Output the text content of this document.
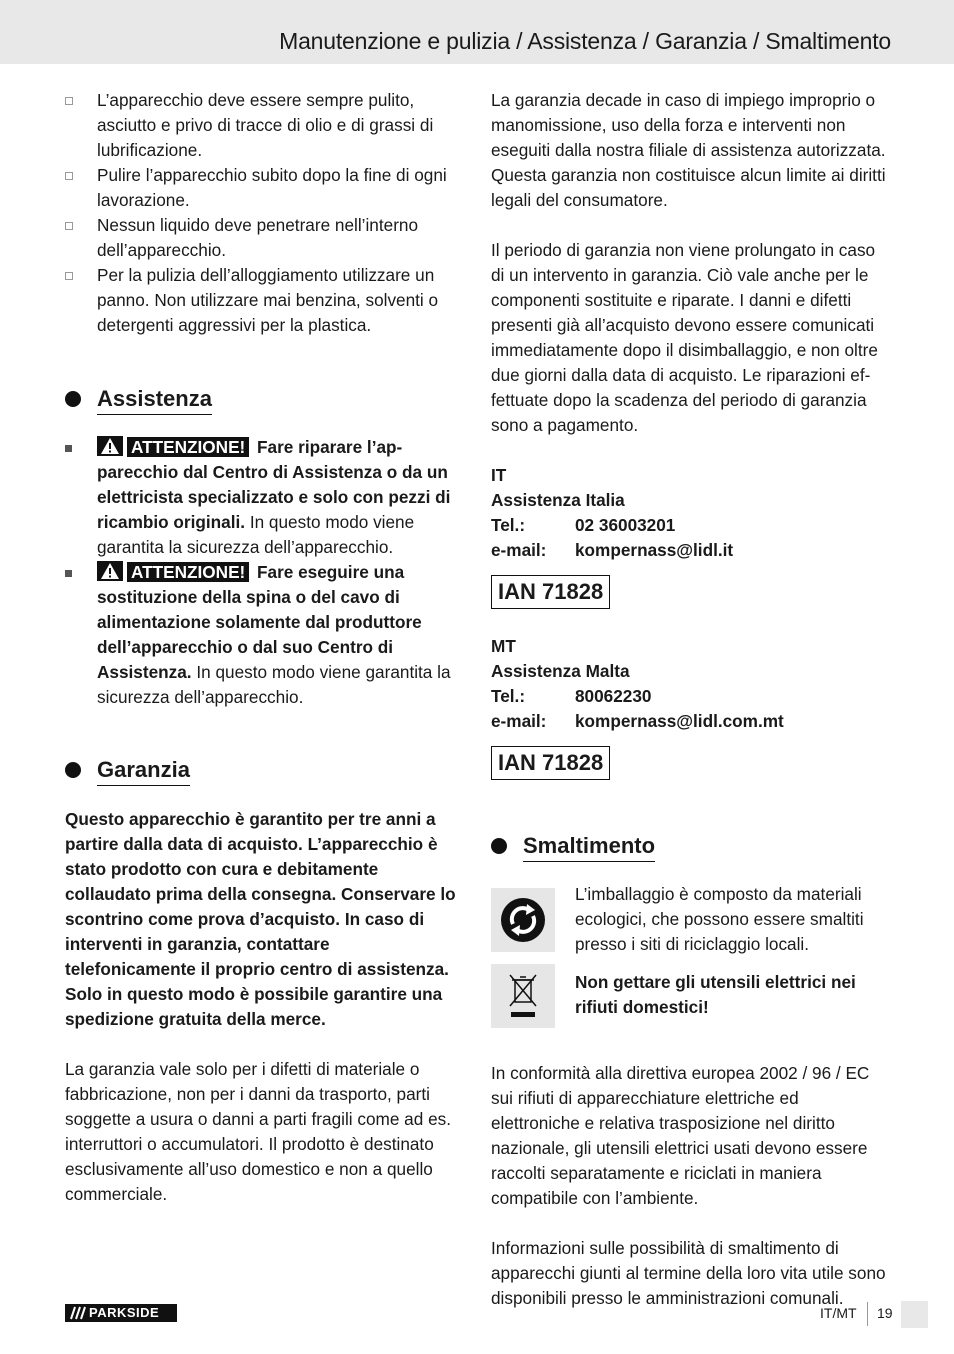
Manutenzione e pulizia / Assistenza / Garanzia / Smaltimento
L’apparecchio deve essere sempre pulito, asciutto e privo di tracce di olio e di grassi di lubrificazione.
Pulire l’apparecchio subito dopo la fine di ogni lavorazione.
Nessun liquido deve penetrare nell’interno dell’apparecchio.
Per la pulizia dell’alloggiamento utilizzare un panno. Non utilizzare mai benzina, solventi o detergenti aggressivi per la plastica.
Assistenza
ATTENZIONE! Fare riparare l’apparecchio dal Centro di Assistenza o da un elettricista specializzato e solo con pezzi di ricambio originali. In questo modo viene garantita la sicurezza dell’apparecchio.
ATTENZIONE! Fare eseguire una sostituzione della spina o del cavo di alimentazione solamente dal produttore dell’apparecchio o dal suo Centro di Assistenza. In questo modo viene garantita la sicurezza dell’apparecchio.
Garanzia

Questo apparecchio è garantito per tre anni a partire dalla data di acquisto. L’apparecchio è stato prodotto con cura e debitamente collaudato prima della consegna. Conservare lo scontrino come prova d’acquisto. In caso di interventi in garanzia, contattare telefonicamente il proprio centro di assistenza. Solo in questo modo è possibile garantire una spedizione gratuita della merce.

La garanzia vale solo per i difetti di materiale o fabbricazione, non per i danni da trasporto, parti soggette a usura o danni a parti fragili come ad es. interruttori o accumulatori. Il prodotto è destinato esclusivamente all’uso domestico e non a quello commerciale.

La garanzia decade in caso di impiego improprio o manomissione, uso della forza e interventi non eseguiti dalla nostra filiale di assistenza autorizzata. Questa garanzia non costituisce alcun limite ai diritti legali del consumatore.

Il periodo di garanzia non viene prolungato in caso di un intervento in garanzia. Ciò vale anche per le componenti sostituite e riparate. I danni e difetti presenti già all’acquisto devono essere comunicati immediatamente dopo il disimballaggio, e non oltre due giorni dalla data di acquisto. Le riparazioni effettuate dopo la scadenza del periodo di garanzia sono a pagamento.

IT
Assistenza Italia
Tel.:	02 36003201
e-mail:	kompernass@lidl.it
IAN 71828
MT
Assistenza Malta
Tel.:	80062230
e-mail:	kompernass@lidl.com.mt
IAN 71828
Smaltimento

L’imballaggio è composto da materiali ecologici, che possono essere smaltiti presso i siti di riciclaggio locali.

Non gettare gli utensili elettrici nei rifiuti domestici!

In conformità alla direttiva europea 2002 / 96 / EC sui rifiuti di apparecchiature elettriche ed elettroniche e relativa trasposizione nel diritto nazionale, gli utensili elettrici usati devono essere raccolti separatamente e riciclati in maniera compatibile con l’ambiente.

Informazioni sulle possibilità di smaltimento di apparecchi giunti al termine della loro vita utile sono disponibili presso le amministrazioni comunali.

PARKSIDE	IT/MT 19
